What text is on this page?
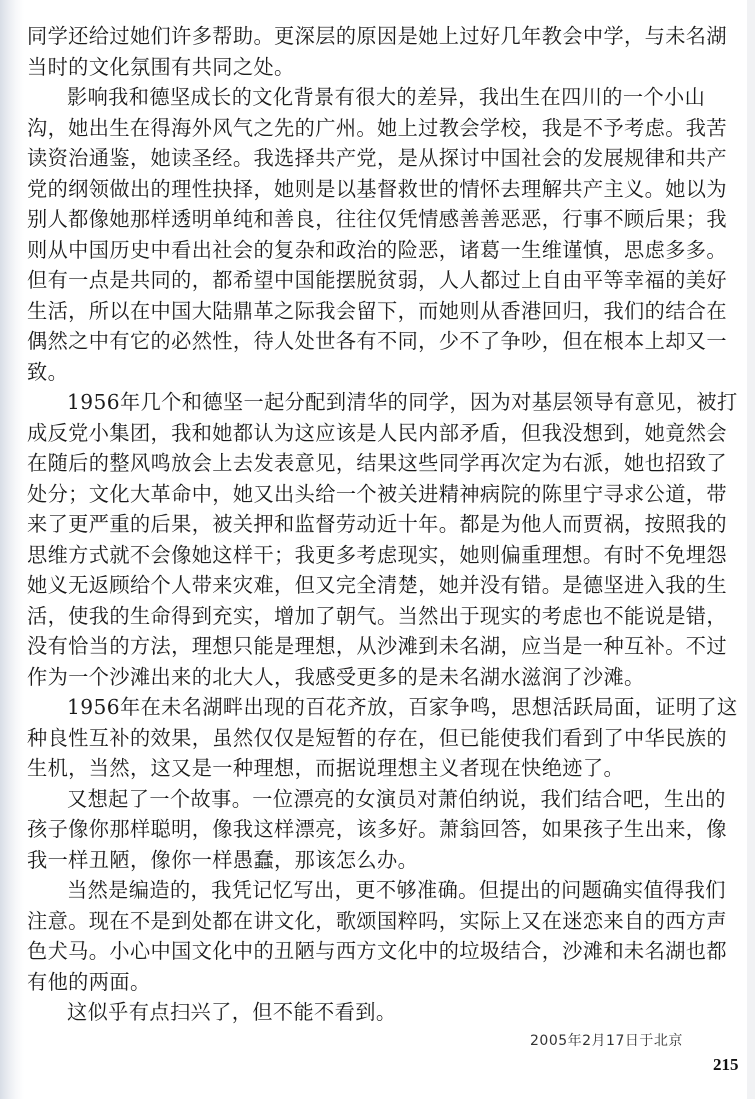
同学还给过她们许多帮助。更深层的原因是她上过好几年教会中学，与未名湖
当时的文化氛围有共同之处。
影响我和德坚成长的文化背景有很大的差异，我出生在四川的一个小山
沟，她出生在得海外风气之先的广州。她上过教会学校，我是不予考虑。我苦
读资治通鉴，她读圣经。我选择共产党，是从探讨中国社会的发展规律和共产
党的纲领做出的理性抉择，她则是以基督救世的情怀去理解共产主义。她以为
别人都像她那样透明单纯和善良，往往仅凭情感善善恶恶，行事不顾后果；我
则从中国历史中看出社会的复杂和政治的险恶，诸葛一生维谨慎，思虑多多。
但有一点是共同的，都希望中国能摆脱贫弱，人人都过上自由平等幸福的美好
生活，所以在中国大陆鼎革之际我会留下，而她则从香港回归，我们的结合在
偶然之中有它的必然性，待人处世各有不同，少不了争吵，但在根本上却又一
致。
1956年几个和德坚一起分配到清华的同学，因为对基层领导有意见，被打
成反党小集团，我和她都认为这应该是人民内部矛盾，但我没想到，她竟然会
在随后的整风鸣放会上去发表意见，结果这些同学再次定为右派，她也招致了
处分；文化大革命中，她又出头给一个被关进精神病院的陈里宁寻求公道，带
来了更严重的后果，被关押和监督劳动近十年。都是为他人而贾祸，按照我的
思维方式就不会像她这样干；我更多考虑现实，她则偏重理想。有时不免埋怨
她义无返顾给个人带来灾难，但又完全清楚，她并没有错。是德坚进入我的生
活，使我的生命得到充实，增加了朝气。当然出于现实的考虑也不能说是错，
没有恰当的方法，理想只能是理想，从沙滩到未名湖，应当是一种互补。不过
作为一个沙滩出来的北大人，我感受更多的是未名湖水滋润了沙滩。
1956年在未名湖畔出现的百花齐放，百家争鸣，思想活跃局面，证明了这
种良性互补的效果，虽然仅仅是短暂的存在，但已能使我们看到了中华民族的
生机，当然，这又是一种理想，而据说理想主义者现在快绝迹了。
又想起了一个故事。一位漂亮的女演员对萧伯纳说，我们结合吧，生出的
孩子像你那样聪明，像我这样漂亮，该多好。萧翁回答，如果孩子生出来，像
我一样丑陋，像你一样愚蠢，那该怎么办。
当然是编造的，我凭记忆写出，更不够准确。但提出的问题确实值得我们
注意。现在不是到处都在讲文化，歌颂国粹吗，实际上又在迷恋来自的西方声
色犬马。小心中国文化中的丑陋与西方文化中的垃圾结合，沙滩和未名湖也都
有他的两面。
这似乎有点扫兴了，但不能不看到。
2005年2月17日于北京
215
